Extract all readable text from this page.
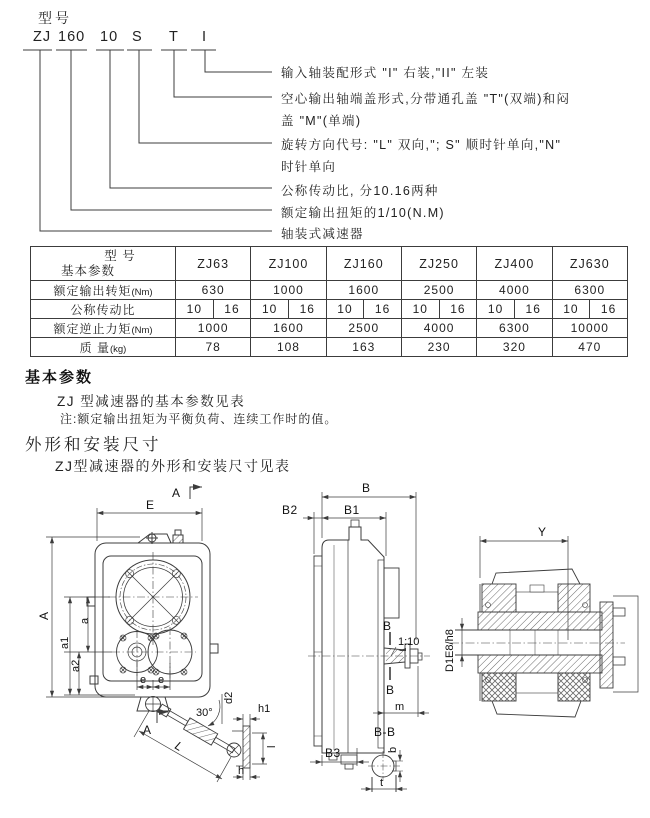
型号
ZJ 160 10 S T I
输入轴装配形式 "I" 右装,"II" 左装
空心输出轴端盖形式,分带通孔盖 "T"(双端)和闷
盖 "M"(单端)
旋转方向代号: "L" 双向,"; S" 顺时针单向,"N"
时针单向
公称传动比, 分10.16两种
额定输出扭矩的1/10(N.M)
轴装式减速器
型 号
基本参数	ZJ63		ZJ100		ZJ160		ZJ250		ZJ400		ZJ630	
额定输出转矩(Nm)	630		1000		1600		2500		4000		6300	
公称传动比	10	16	10	16	10	16	10	16	10	16	10	16
额定逆止力矩(Nm)	1000		1600		2500		4000		6300		10000	
质 量(kg)	78		108		163		230		320		470	
基本参数
ZJ 型减速器的基本参数见表
注:额定输出扭矩为平衡负荷、连续工作时的值。
外形和安装尺寸
ZJ型减速器的外形和安装尺寸见表
A
E
A
e e
a
a1
a2
30°
d2
A
L
h1
l
h
B
B2	B1
B
B
1:10
m
B3
B-B
b
t
Y
D1E8/h8
